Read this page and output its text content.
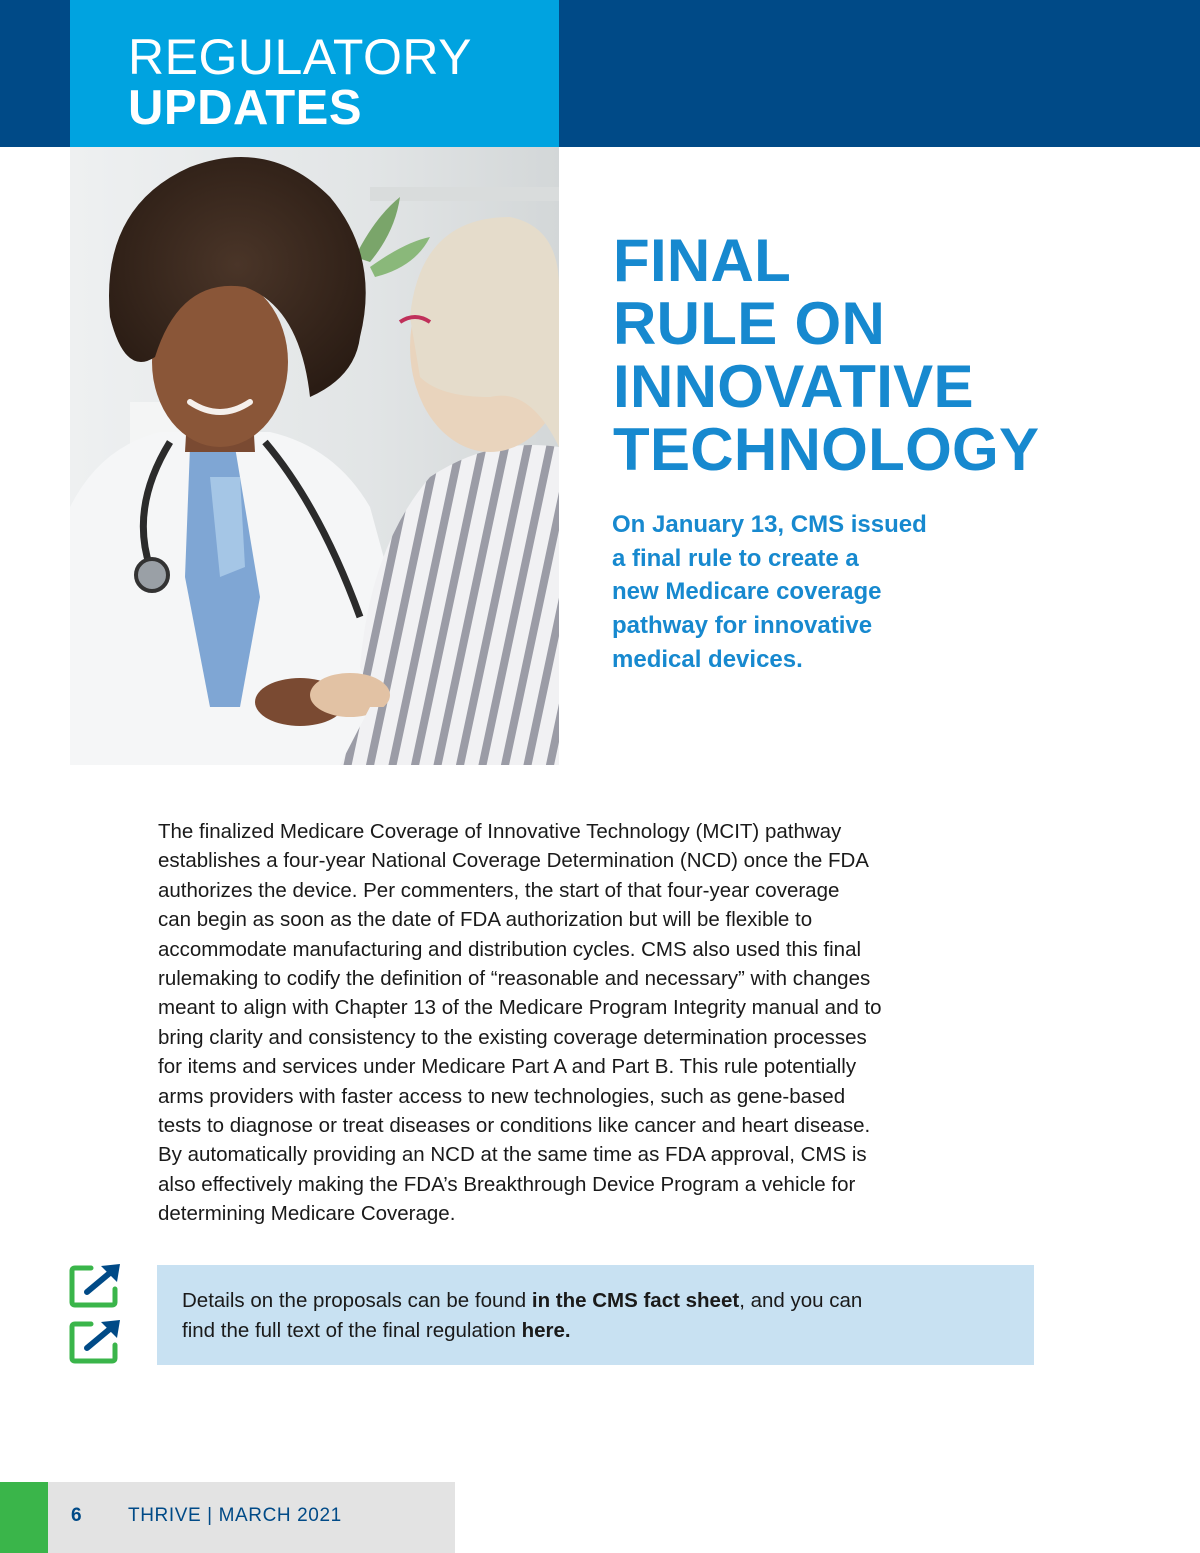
REGULATORY
UPDATES
FINAL
RULE ON
INNOVATIVE
TECHNOLOGY

On January 13, CMS issued
a final rule to create a
new Medicare coverage
pathway for innovative
medical devices.

The finalized Medicare Coverage of Innovative Technology (MCIT) pathway
establishes a four-year National Coverage Determination (NCD) once the FDA
authorizes the device. Per commenters, the start of that four-year coverage
can begin as soon as the date of FDA authorization but will be flexible to
accommodate manufacturing and distribution cycles. CMS also used this final
rulemaking to codify the definition of “reasonable and necessary” with changes
meant to align with Chapter 13 of the Medicare Program Integrity manual and to
bring clarity and consistency to the existing coverage determination processes
for items and services under Medicare Part A and Part B. This rule potentially
arms providers with faster access to new technologies, such as gene-based
tests to diagnose or treat diseases or conditions like cancer and heart disease.
By automatically providing an NCD at the same time as FDA approval, CMS is
also effectively making the FDA’s Breakthrough Device Program a vehicle for
determining Medicare Coverage.
Details on the proposals can be found in the CMS fact sheet, and you can
find the full text of the final regulation here.
6 THRIVE | MARCH 2021
